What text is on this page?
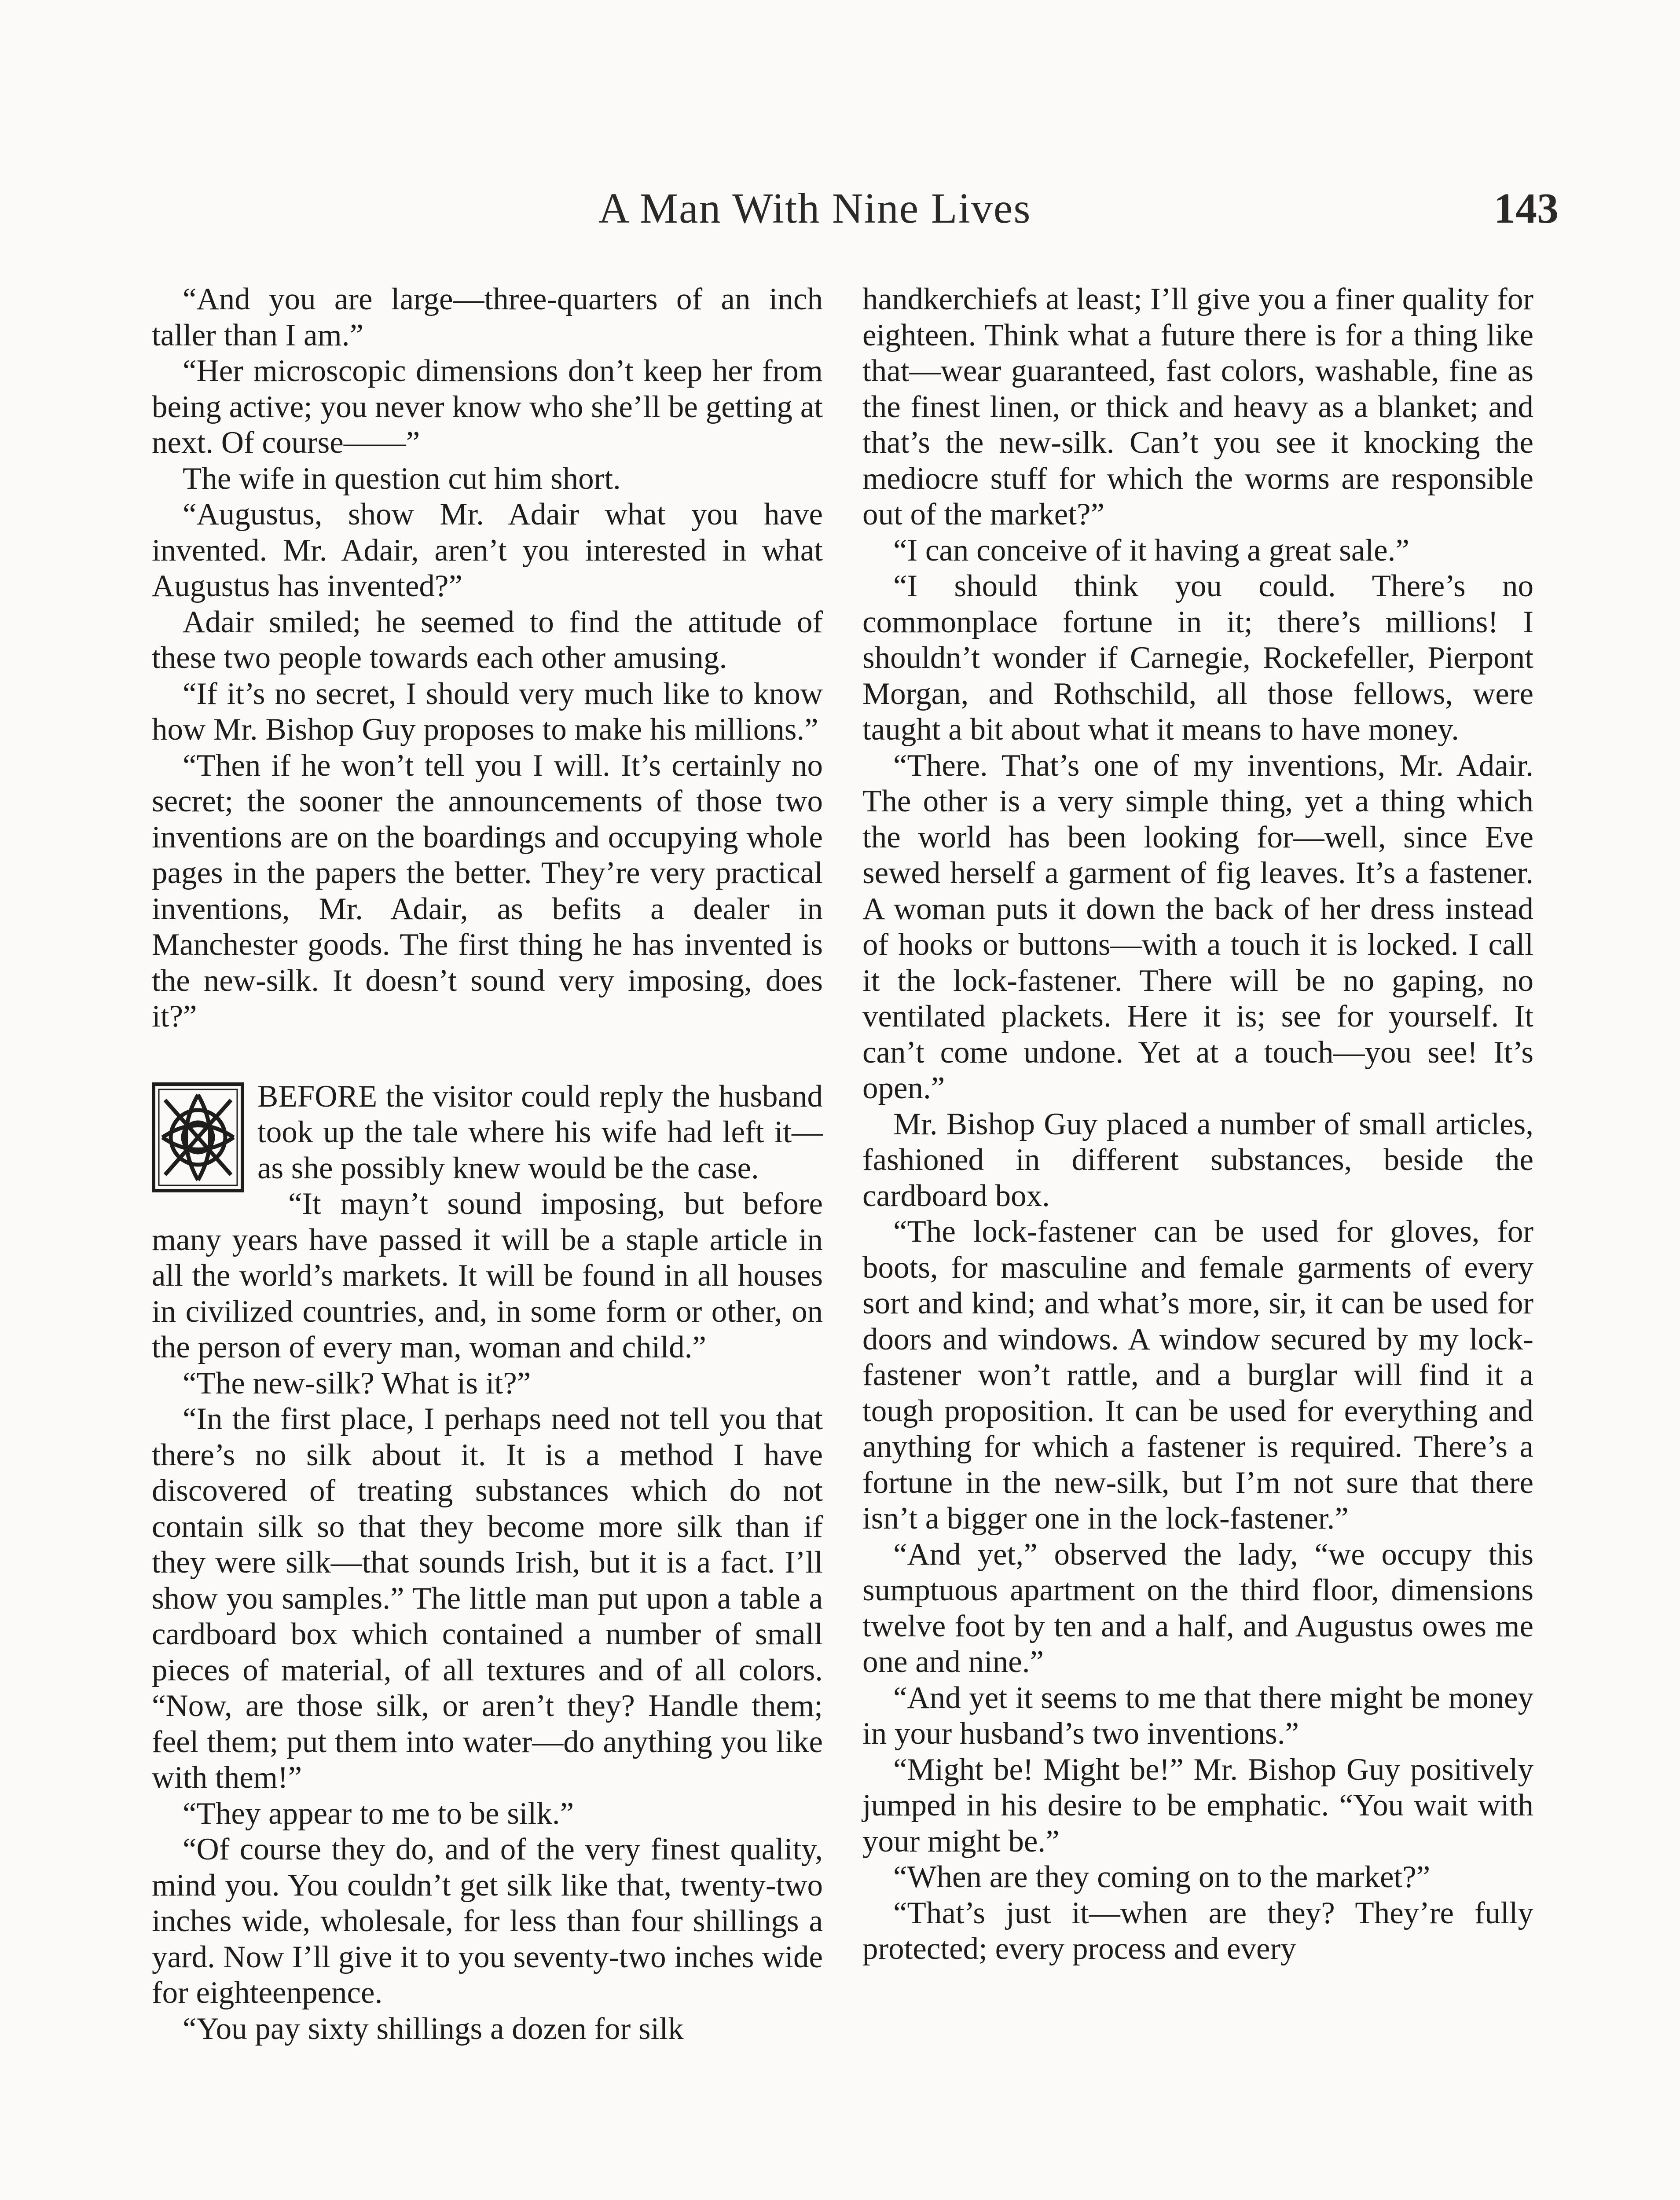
A Man With Nine Lives	143

“And you are large—three-quarters of an inch taller than I am.”

“Her microscopic dimensions don’t keep her from being active; you never know who she’ll be getting at next. Of course——”

The wife in question cut him short.

“Augustus, show Mr. Adair what you have invented. Mr. Adair, aren’t you interested in what Augustus has invented?”

Adair smiled; he seemed to find the attitude of these two people towards each other amusing.

“If it’s no secret, I should very much like to know how Mr. Bishop Guy proposes to make his millions.”

“Then if he won’t tell you I will. It’s certainly no secret; the sooner the announcements of those two inventions are on the boardings and occupying whole pages in the papers the better. They’re very practical inventions, Mr. Adair, as befits a dealer in Manchester goods. The first thing he has invented is the new-silk. It doesn’t sound very imposing, does it?”

BEFORE the visitor could reply the husband took up the tale where his wife had left it—as she possibly knew would be the case.

“It mayn’t sound imposing, but before many years have passed it will be a staple article in all the world’s markets. It will be found in all houses in civilized countries, and, in some form or other, on the person of every man, woman and child.”

“The new-silk? What is it?”

“In the first place, I perhaps need not tell you that there’s no silk about it. It is a method I have discovered of treating substances which do not contain silk so that they become more silk than if they were silk—that sounds Irish, but it is a fact. I’ll show you samples.” The little man put upon a table a cardboard box which contained a number of small pieces of material, of all textures and of all colors. “Now, are those silk, or aren’t they? Handle them; feel them; put them into water—do anything you like with them!”

“They appear to me to be silk.”

“Of course they do, and of the very finest quality, mind you. You couldn’t get silk like that, twenty-two inches wide, wholesale, for less than four shillings a yard. Now I’ll give it to you seventy-two inches wide for eighteenpence.

“You pay sixty shillings a dozen for silk

handkerchiefs at least; I’ll give you a finer quality for eighteen. Think what a future there is for a thing like that—wear guaranteed, fast colors, washable, fine as the finest linen, or thick and heavy as a blanket; and that’s the new-silk. Can’t you see it knocking the mediocre stuff for which the worms are responsible out of the market?”

“I can conceive of it having a great sale.”

“I should think you could. There’s no commonplace fortune in it; there’s millions! I shouldn’t wonder if Carnegie, Rockefeller, Pierpont Morgan, and Rothschild, all those fellows, were taught a bit about what it means to have money.

“There. That’s one of my inventions, Mr. Adair. The other is a very simple thing, yet a thing which the world has been looking for—well, since Eve sewed herself a garment of fig leaves. It’s a fastener. A woman puts it down the back of her dress instead of hooks or buttons—with a touch it is locked. I call it the lock-fastener. There will be no gaping, no ventilated plackets. Here it is; see for yourself. It can’t come undone. Yet at a touch—you see! It’s open.”

Mr. Bishop Guy placed a number of small articles, fashioned in different substances, beside the cardboard box.

“The lock-fastener can be used for gloves, for boots, for masculine and female garments of every sort and kind; and what’s more, sir, it can be used for doors and windows. A window secured by my lock-fastener won’t rattle, and a burglar will find it a tough proposition. It can be used for everything and anything for which a fastener is required. There’s a fortune in the new-silk, but I’m not sure that there isn’t a bigger one in the lock-fastener.”

“And yet,” observed the lady, “we occupy this sumptuous apartment on the third floor, dimensions twelve foot by ten and a half, and Augustus owes me one and nine.”

“And yet it seems to me that there might be money in your husband’s two inventions.”

“Might be! Might be!” Mr. Bishop Guy positively jumped in his desire to be emphatic. “You wait with your might be.”

“When are they coming on to the market?”

“That’s just it—when are they? They’re fully protected; every process and every
